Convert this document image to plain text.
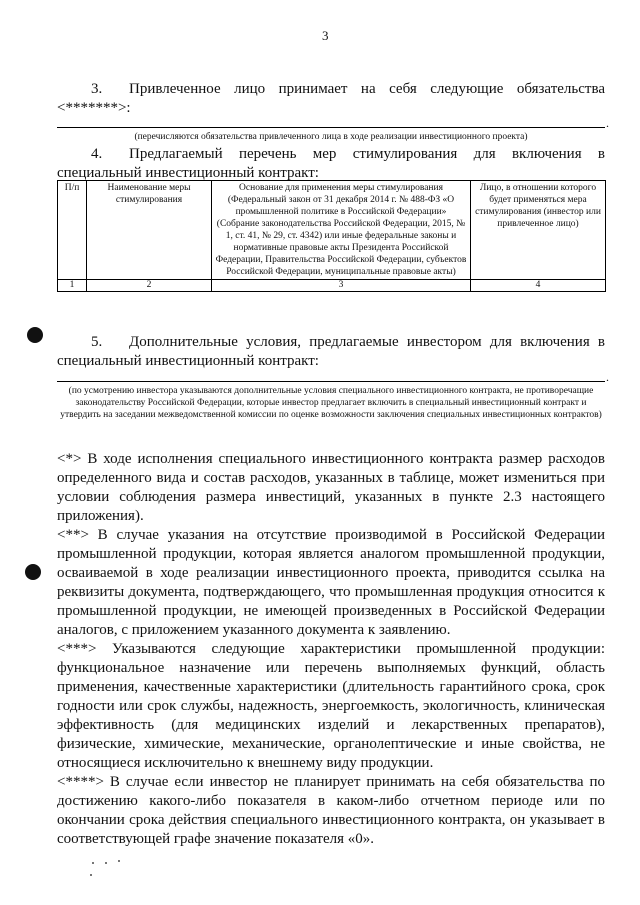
3
3. Привлеченное лицо принимает на себя следующие обязательства <*******>:
.
(перечисляются обязательства привлеченного лица в ходе реализации инвестиционного проекта)
4. Предлагаемый перечень мер стимулирования для включения в специальный инвестиционный контракт:
П/п	Наименование меры стимулирования	Основание для применения меры стимулирования (Федеральный закон от 31 декабря 2014 г. № 488-ФЗ «О промышленной политике в Российской Федерации» (Собрание законодательства Российской Федерации, 2015, № 1, ст. 41, № 29, ст. 4342) или иные федеральные законы и нормативные правовые акты Президента Российской Федерации, Правительства Российской Федерации, субъектов Российской Федерации, муниципальные правовые акты)	Лицо, в отношении которого будет применяться мера стимулирования (инвестор или привлеченное лицо)
1	2	3	4
5. Дополнительные условия, предлагаемые инвестором для включения в специальный инвестиционный контракт:
.
(по усмотрению инвестора указываются дополнительные условия специального инвестиционного контракта, не противоречащие законодательству Российской Федерации, которые инвестор предлагает включить в специальный инвестиционный контракт и утвердить на заседании межведомственной комиссии по оценке возможности заключения специальных инвестиционных контрактов)

<*> В ходе исполнения специального инвестиционного контракта размер расходов определенного вида и состав расходов, указанных в таблице, может измениться при условии соблюдения размера инвестиций, указанных в пункте 2.3 настоящего приложения).

<**> В случае указания на отсутствие производимой в Российской Федерации промышленной продукции, которая является аналогом промышленной продукции, осваиваемой в ходе реализации инвестиционного проекта, приводится ссылка на реквизиты документа, подтверждающего, что промышленная продукция относится к промышленной продукции, не имеющей произведенных в Российской Федерации аналогов, с приложением указанного документа к заявлению.

<***> Указываются следующие характеристики промышленной продукции: функциональное назначение или перечень выполняемых функций, область применения, качественные характеристики (длительность гарантийного срока, срок годности или срок службы, надежность, энергоемкость, экологичность, клиническая эффективность (для медицинских изделий и лекарственных препаратов), физические, химические, механические, органолептические и иные свойства, не относящиеся исключительно к внешнему виду продукции.

<****> В случае если инвестор не планирует принимать на себя обязательства по достижению какого-либо показателя в каком-либо отчетном периоде или по окончании срока действия специального инвестиционного контракта, он указывает в соответствующей графе значение показателя «0».
